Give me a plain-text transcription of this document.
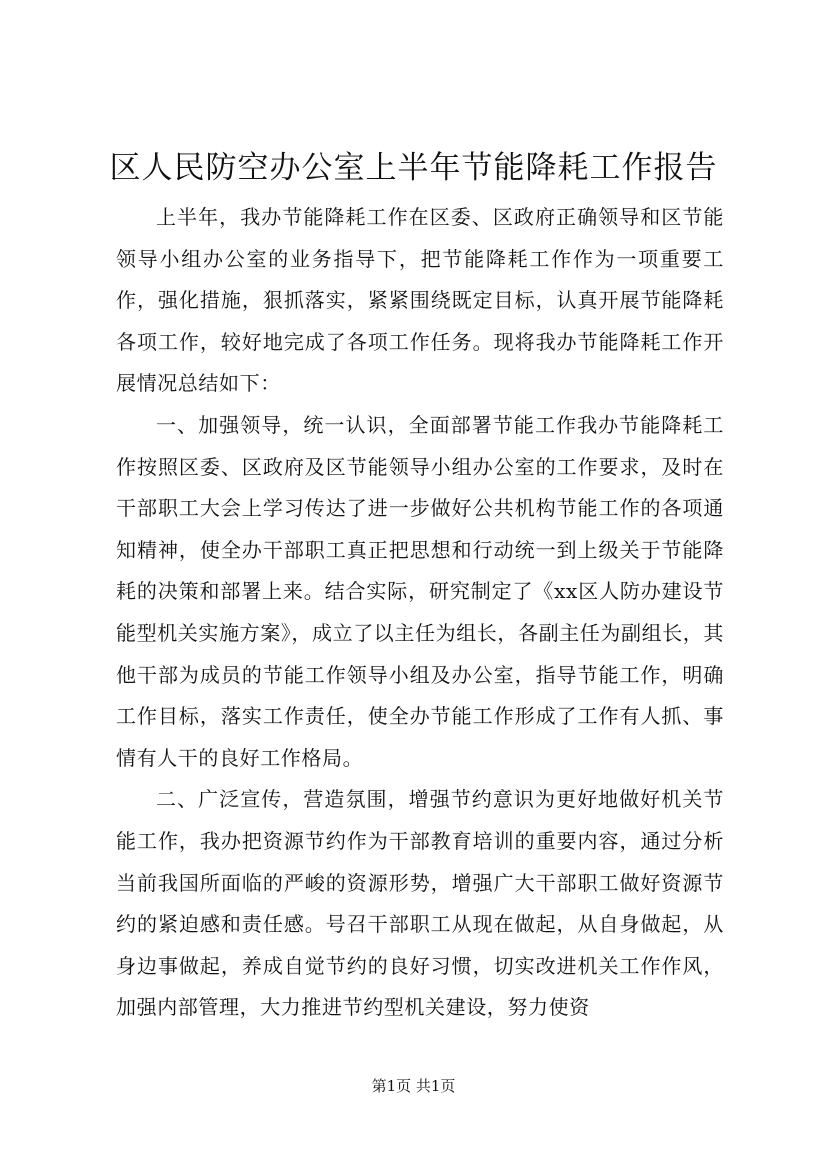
区人民防空办公室上半年节能降耗工作报告

上半年，我办节能降耗工作在区委、区政府正确领导和区节能领导小组办公室的业务指导下，把节能降耗工作作为一项重要工作，强化措施，狠抓落实，紧紧围绕既定目标，认真开展节能降耗各项工作，较好地完成了各项工作任务。现将我办节能降耗工作开展情况总结如下：

一、加强领导，统一认识，全面部署节能工作我办节能降耗工作按照区委、区政府及区节能领导小组办公室的工作要求，及时在干部职工大会上学习传达了进一步做好公共机构节能工作的各项通知精神，使全办干部职工真正把思想和行动统一到上级关于节能降耗的决策和部署上来。结合实际，研究制定了《xx区人防办建设节能型机关实施方案》，成立了以主任为组长，各副主任为副组长，其他干部为成员的节能工作领导小组及办公室，指导节能工作，明确工作目标，落实工作责任，使全办节能工作形成了工作有人抓、事情有人干的良好工作格局。

二、广泛宣传，营造氛围，增强节约意识为更好地做好机关节能工作，我办把资源节约作为干部教育培训的重要内容，通过分析当前我国所面临的严峻的资源形势，增强广大干部职工做好资源节约的紧迫感和责任感。号召干部职工从现在做起，从自身做起，从身边事做起，养成自觉节约的良好习惯，切实改进机关工作作风，加强内部管理，大力推进节约型机关建设，努力使资

第1页 共1页
